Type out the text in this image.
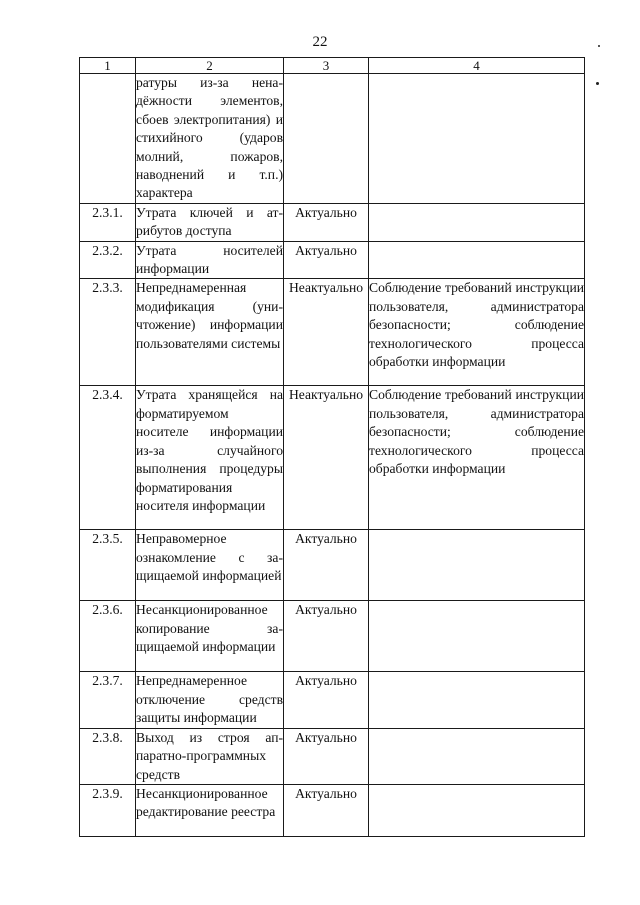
22
1	2	3	4
	ратуры из-за ненадёжности элементов, сбоев электропитания) и стихийного (ударов молний, пожаров, наводнений и т.п.) характера		
2.3.1.	Утрата ключей и атрибутов доступа	Актуально	
2.3.2.	Утрата носителей информации	Актуально	
2.3.3.	Непреднамеренная модификация (уничтожение) информации пользователями системы	Неактуально	Соблюдение требований инструкции пользователя, администратора безопасности; соблюдение технологического процесса обработки информации
2.3.4.	Утрата хранящейся на форматируемом носителе информации из-за случайного выполнения процедуры форматирования носителя информации	Неактуально	Соблюдение требований инструкции пользователя, администратора безопасности; соблюдение технологического процесса обработки информации
2.3.5.	Неправомерное ознакомление с защищаемой информацией	Актуально	
2.3.6.	Несанкционированное копирование защищаемой информации	Актуально	
2.3.7.	Непреднамеренное отключение средств защиты информации	Актуально	
2.3.8.	Выход из строя аппаратно-программных средств	Актуально	
2.3.9.	Несанкционированное редактирование реестра	Актуально	
